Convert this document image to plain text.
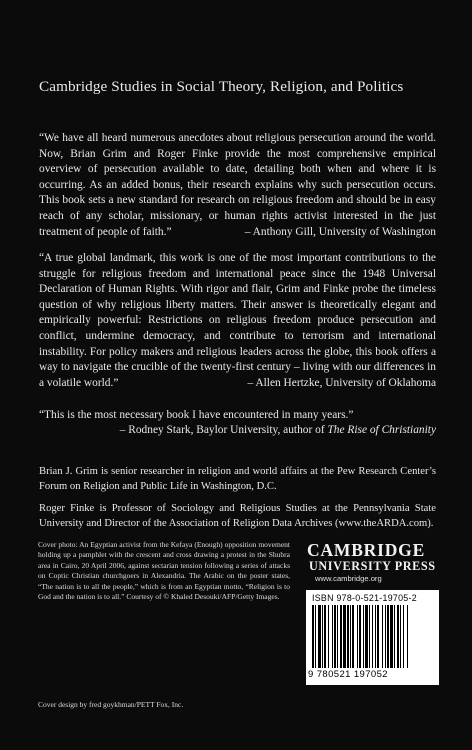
Cambridge Studies in Social Theory, Religion, and Politics
“We have all heard numerous anecdotes about religious persecution around the world. Now, Brian Grim and Roger Finke provide the most comprehensive empirical overview of persecution available to date, detailing both when and where it is occurring. As an added bonus, their research explains why such persecution occurs. This book sets a new standard for research on religious freedom and should be in easy reach of any scholar, missionary, or human rights activist interested in the just treatment of people of faith.”	– Anthony Gill, University of Washington
“A true global landmark, this work is one of the most important contributions to the struggle for religious freedom and international peace since the 1948 Universal Declaration of Human Rights. With rigor and flair, Grim and Finke probe the timeless question of why religious liberty matters. Their answer is theoretically elegant and empirically powerful: Restrictions on religious freedom produce persecution and conflict, undermine democracy, and contribute to terrorism and international instability. For policy makers and religious leaders across the globe, this book offers a way to navigate the crucible of the twenty-first century – living with our differences in a volatile world.”	– Allen Hertzke, University of Oklahoma
“This is the most necessary book I have encountered in many years.”
– Rodney Stark, Baylor University, author of The Rise of Christianity
Brian J. Grim is senior researcher in religion and world affairs at the Pew Research Center’s Forum on Religion and Public Life in Washington, D.C.
Roger Finke is Professor of Sociology and Religious Studies at the Pennsylvania State University and Director of the Association of Religion Data Archives (www.theARDA.com).
Cover photo: An Egyptian activist from the Kefaya (Enough) opposition movement holding up a pamphlet with the crescent and cross drawing a protest in the Shubra area in Cairo, 20 April 2006, against sectarian tension following a series of attacks on Coptic Christian churchgoers in Alexandria. The Arabic on the poster states, “The nation is to all the people,” which is from an Egyptian motto, “Religion is to God and the nation is to all.” Courtesy of © Khaled Desouki/AFP/Getty Images.
Cover design by fred goykhman/PETT Fox, Inc.
CAMBRIDGE
UNIVERSITY PRESS
www.cambridge.org
ISBN 978-0-521-19705-2
9 780521 197052
